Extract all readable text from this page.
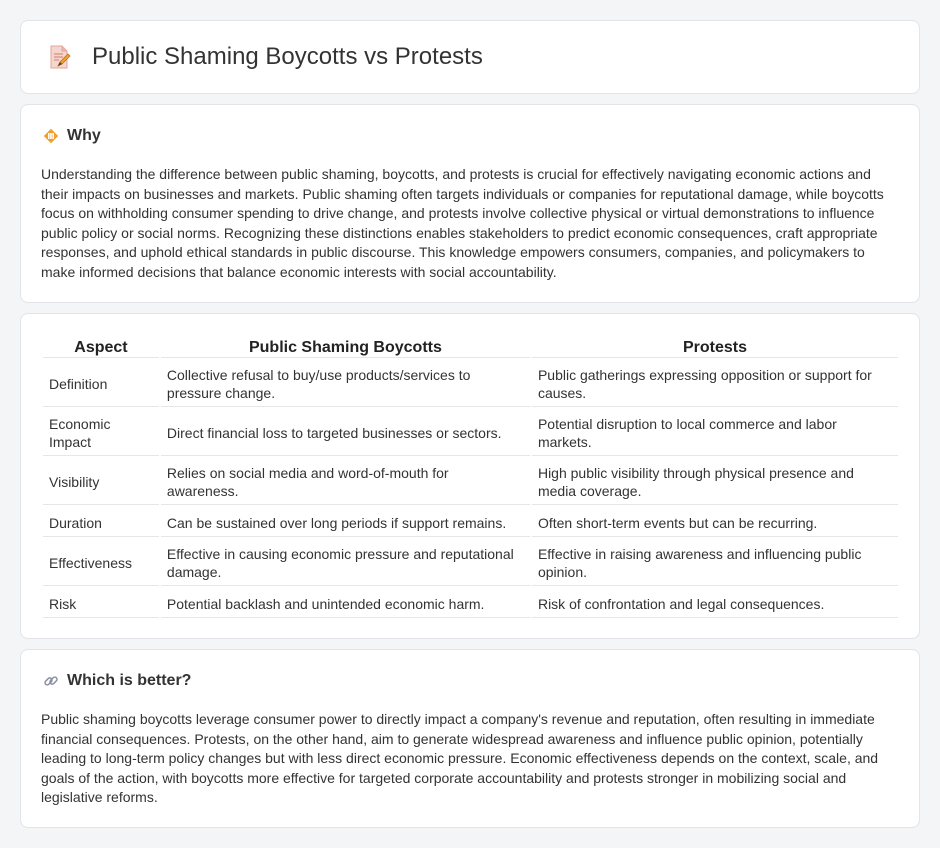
Public Shaming Boycotts vs Protests
Why

Understanding the difference between public shaming, boycotts, and protests is crucial for effectively navigating economic actions and their impacts on businesses and markets. Public shaming often targets individuals or companies for reputational damage, while boycotts focus on withholding consumer spending to drive change, and protests involve collective physical or virtual demonstrations to influence public policy or social norms. Recognizing these distinctions enables stakeholders to predict economic consequences, craft appropriate responses, and uphold ethical standards in public discourse. This knowledge empowers consumers, companies, and policymakers to make informed decisions that balance economic interests with social accountability.

Aspect	Public Shaming Boycotts	Protests
Definition	Collective refusal to buy/use products/services to pressure change.	Public gatherings expressing opposition or support for causes.
Economic Impact	Direct financial loss to targeted businesses or sectors.	Potential disruption to local commerce and labor markets.
Visibility	Relies on social media and word-of-mouth for awareness.	High public visibility through physical presence and media coverage.
Duration	Can be sustained over long periods if support remains.	Often short-term events but can be recurring.
Effectiveness	Effective in causing economic pressure and reputational damage.	Effective in raising awareness and influencing public opinion.
Risk	Potential backlash and unintended economic harm.	Risk of confrontation and legal consequences.
Which is better?

Public shaming boycotts leverage consumer power to directly impact a company's revenue and reputation, often resulting in immediate financial consequences. Protests, on the other hand, aim to generate widespread awareness and influence public opinion, potentially leading to long-term policy changes but with less direct economic pressure. Economic effectiveness depends on the context, scale, and goals of the action, with boycotts more effective for targeted corporate accountability and protests stronger in mobilizing social and legislative reforms.
